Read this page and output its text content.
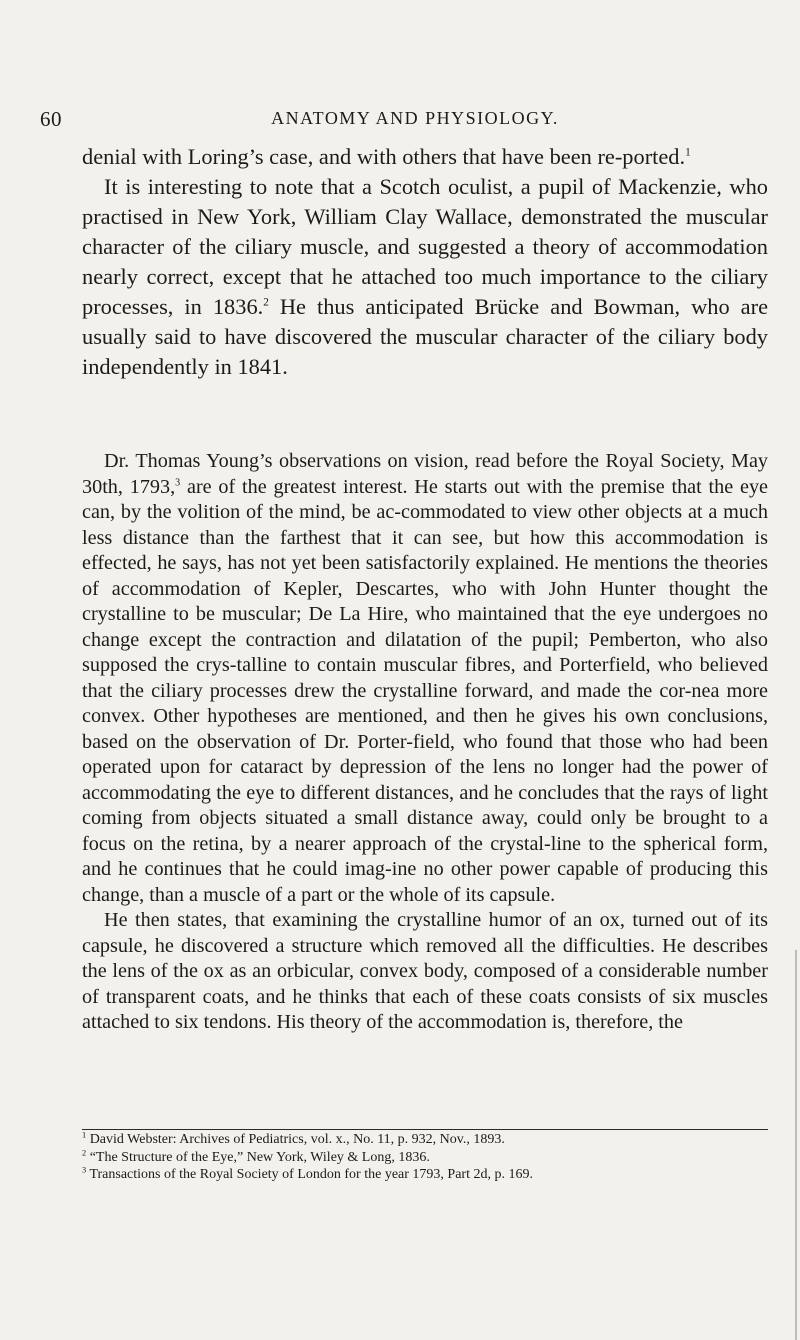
60	ANATOMY AND PHYSIOLOGY.

denial with Loring’s case, and with others that have been re-ported.$^1$

It is interesting to note that a Scotch oculist, a pupil of Mackenzie, who practised in New York, William Clay Wallace, demonstrated the muscular character of the ciliary muscle, and suggested a theory of accommodation nearly correct, except that he attached too much importance to the ciliary processes, in 1836.$^2$ He thus anticipated Brücke and Bowman, who are usually said to have discovered the muscular character of the ciliary body independently in 1841.

Dr. Thomas Young’s observations on vision, read before the Royal Society, May 30th, 1793,$^3$ are of the greatest interest. He starts out with the premise that the eye can, by the volition of the mind, be ac-commodated to view other objects at a much less distance than the farthest that it can see, but how this accommodation is effected, he says, has not yet been satisfactorily explained. He mentions the theories of accommodation of Kepler, Descartes, who with John Hunter thought the crystalline to be muscular; De La Hire, who maintained that the eye undergoes no change except the contraction and dilatation of the pupil; Pemberton, who also supposed the crys-talline to contain muscular fibres, and Porterfield, who believed that the ciliary processes drew the crystalline forward, and made the cor-nea more convex. Other hypotheses are mentioned, and then he gives his own conclusions, based on the observation of Dr. Porter-field, who found that those who had been operated upon for cataract by depression of the lens no longer had the power of accommodating the eye to different distances, and he concludes that the rays of light coming from objects situated a small distance away, could only be brought to a focus on the retina, by a nearer approach of the crystal-line to the spherical form, and he continues that he could imag-ine no other power capable of producing this change, than a muscle of a part or the whole of its capsule.

He then states, that examining the crystalline humor of an ox, turned out of its capsule, he discovered a structure which removed all the difficulties. He describes the lens of the ox as an orbicular, convex body, composed of a considerable number of transparent coats, and he thinks that each of these coats consists of six muscles attached to six tendons. His theory of the accommodation is, therefore, the

$^1$ David Webster: Archives of Pediatrics, vol. x., No. 11, p. 932, Nov., 1893.
$^2$ “The Structure of the Eye,” New York, Wiley & Long, 1836.
$^3$ Transactions of the Royal Society of London for the year 1793, Part 2d, p. 169.
